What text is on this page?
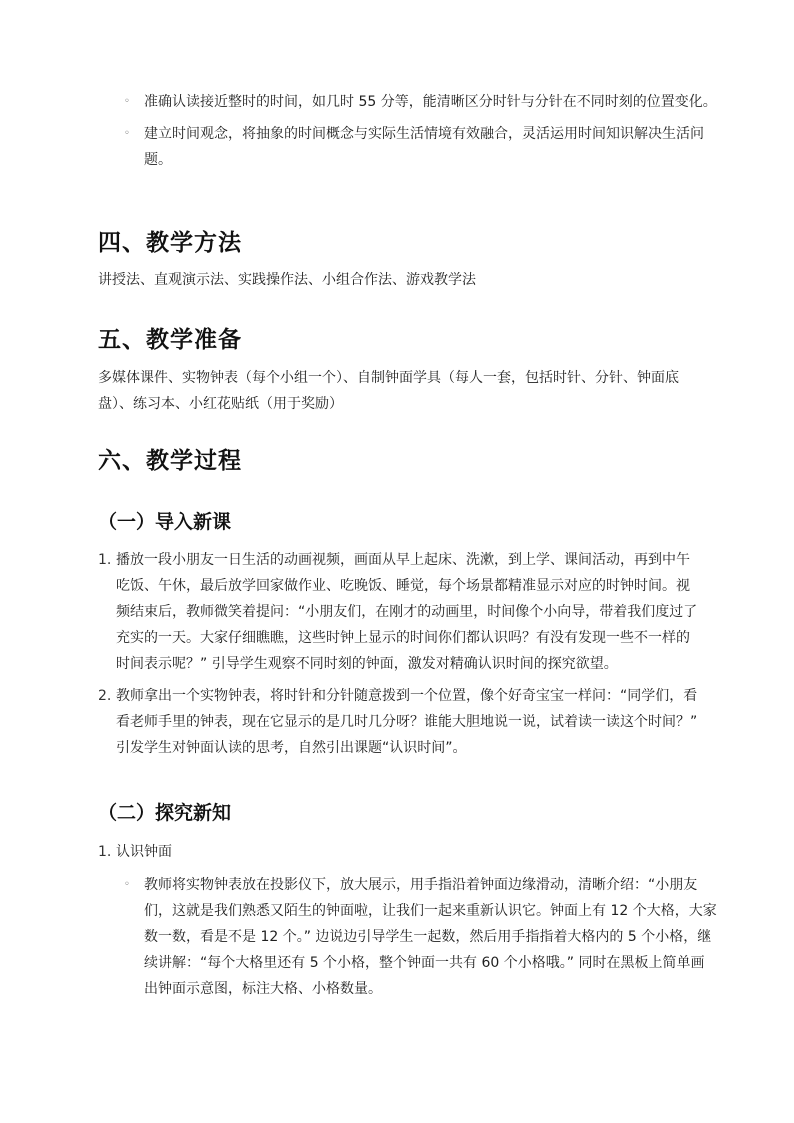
◦ 准确认读接近整时的时间，如几时 55 分等，能清晰区分时针与分针在不同时刻的位置变化。
◦ 建立时间观念，将抽象的时间概念与实际生活情境有效融合，灵活运用时间知识解决生活问题。
四、教学方法

讲授法、直观演示法、实践操作法、小组合作法、游戏教学法

五、教学准备

多媒体课件、实物钟表（每个小组一个）、自制钟面学具（每人一套，包括时针、分针、钟面底盘）、练习本、小红花贴纸（用于奖励）

六、教学过程
（一）导入新课
1. 播放一段小朋友一日生活的动画视频，画面从早上起床、洗漱，到上学、课间活动，再到中午吃饭、午休，最后放学回家做作业、吃晚饭、睡觉，每个场景都精准显示对应的时钟时间。视频结束后，教师微笑着提问：“小朋友们，在刚才的动画里，时间像个小向导，带着我们度过了充实的一天。大家仔细瞧瞧，这些时钟上显示的时间你们都认识吗？有没有发现一些不一样的时间表示呢？” 引导学生观察不同时刻的钟面，激发对精确认识时间的探究欲望。
2. 教师拿出一个实物钟表，将时针和分针随意拨到一个位置，像个好奇宝宝一样问：“同学们，看看老师手里的钟表，现在它显示的是几时几分呀？谁能大胆地说一说，试着读一读这个时间？” 引发学生对钟面认读的思考，自然引出课题“认识时间”。
（二）探究新知
1. 认识钟面
◦ 教师将实物钟表放在投影仪下，放大展示，用手指沿着钟面边缘滑动，清晰介绍：“小朋友们，这就是我们熟悉又陌生的钟面啦，让我们一起来重新认识它。钟面上有 12 个大格，大家数一数，看是不是 12 个。” 边说边引导学生一起数，然后用手指指着大格内的 5 个小格，继续讲解：“每个大格里还有 5 个小格，整个钟面一共有 60 个小格哦。” 同时在黑板上简单画出钟面示意图，标注大格、小格数量。
